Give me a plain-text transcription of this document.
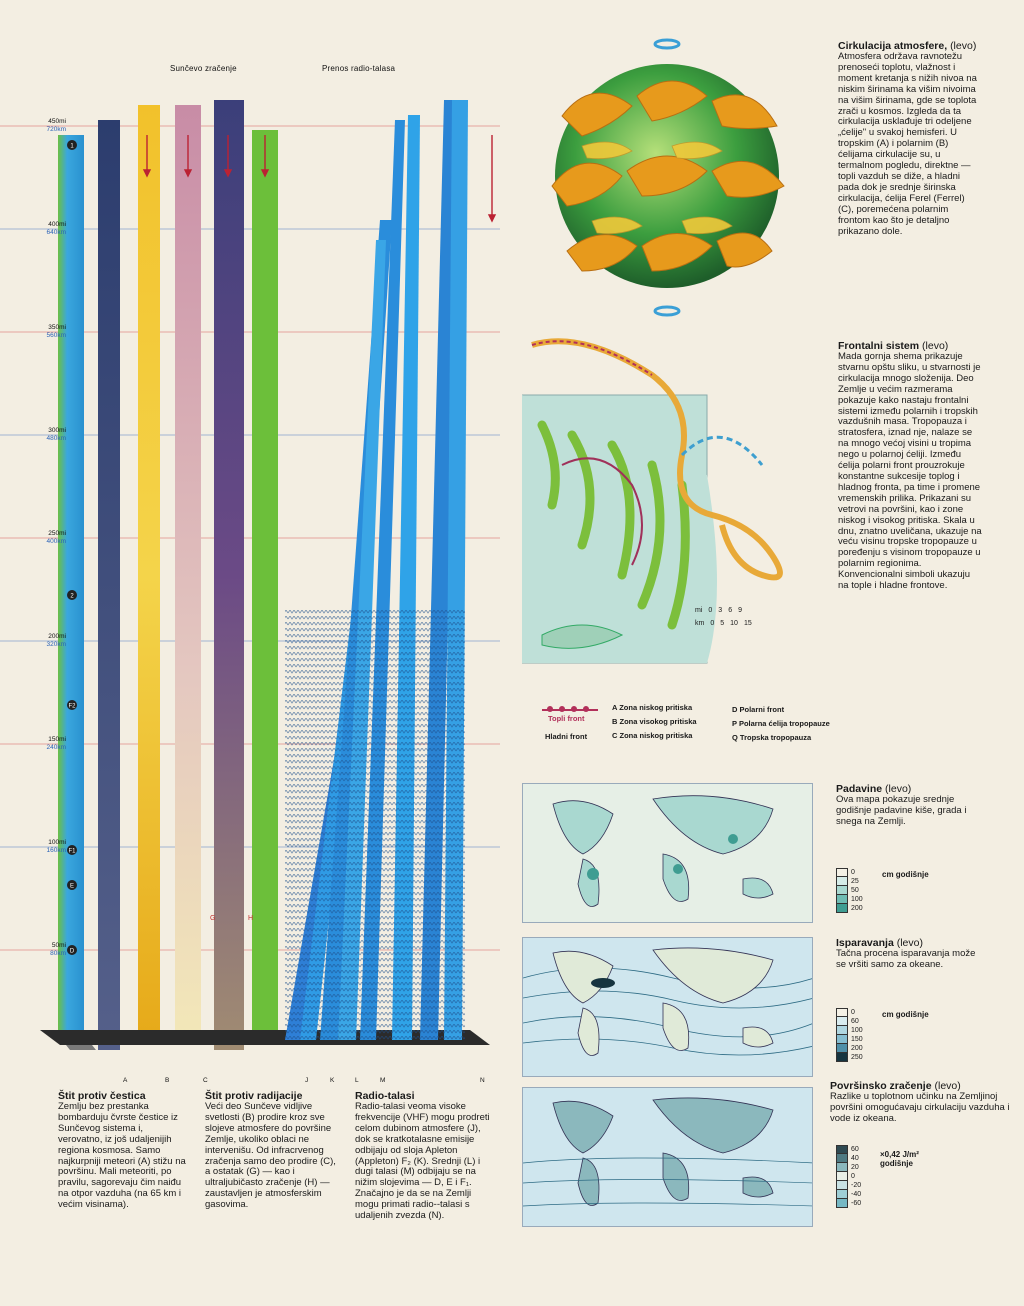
1
2
F2
F1
E
D
G	H
Sunčevo zračenje	Prenos radio-talasa
450mi
720km
400mi
640km
350mi
560km
300mi
480km
250mi
400km
200mi
320km
150mi
240km
100mi
160km
50mi
80km
A	B	C	J	K	L	M	N
Štit protiv čestica
Zemlju bez prestanka bombarduju čvrste čestice iz Sunčevog sistema i, verovatno, iz još udaljenijih regiona kosmosa. Samo najkurpniji meteori (A) stižu na površinu. Mali meteoriti, po pravilu, sagorevaju čim naiđu na otpor vazduha (na 65 km i većim visinama).
Štit protiv radijacije
Veći deo Sunčeve vidljive svetlosti (B) prodire kroz sve slojeve atmosfere do površine Zemlje, ukoliko oblaci ne intervenišu. Od infracrvenog zračenja samo deo prodire (C), a ostatak (G) — kao i ultraljubičasto zračenje (H) — zaustavljen je atmosferskim gasovima.
Radio-talasi
Radio-talasi veoma visoke frekvencije (VHF) mogu prodreti celom dubinom atmosfere (J), dok se kratkotalasne emisije odbijaju od sloja Apleton (Appleton) F₂ (K). Srednji (L) i dugi talasi (M) odbijaju se na nižim slojevima — D, E i F₁. Značajno je da se na Zemlji mogu primati radio--talasi s udaljenih zvezda (N).
Cirkulacija atmosfere, (levo)
Atmosfera održava ravnotežu prenoseći toplotu, vlažnost i moment kretanja s nižih nivoa na niskim širinama ka višim nivoima na višim širinama, gde se toplota zrači u kosmos. Izgleda da ta cirkulacija usklađuje tri odeljene „ćelije" u svakoj hemisferi. U tropskim (A) i polarnim (B) ćelijama cirkulacije su, u termalnom pogledu, direktne — topli vazduh se diže, a hladni pada dok je srednje širinska cirkulacija, ćelija Ferel (Ferrel) (C), poremećena polarnim frontom kao što je detaljno prikazano dole.
mi 0 3 6 9
km 0 5 10 15
Topli front
Hladni front
A Zona niskog pritiska
B Zona visokog pritiska
C Zona niskog pritiska
D Polarni front
P Polarna ćelija tropopauze
Q Tropska tropopauza
Frontalni sistem (levo)
Mada gornja shema prikazuje stvarnu opštu sliku, u stvarnosti je cirkulacija mnogo složenija. Deo Zemlje u većim razmerama pokazuje kako nastaju frontalni sistemi između polarnih i tropskih vazdušnih masa. Tropopauza i stratosfera, iznad nje, nalaze se na mnogo većoj visini u tropima nego u polarnoj ćeliji. Između ćelija polarni front prouzrokuje konstantne sukcesije toplog i hladnog fronta, pa time i promene vremenskih prilika. Prikazani su vetrovi na površini, kao i zone niskog i visokog pritiska. Skala u dnu, znatno uveličana, ukazuje na veću visinu tropske tropopauze u poređenju s visinom tropopauze u polarnim regionima. Konvencionalni simboli ukazuju na tople i hladne frontove.
Padavine (levo)
Ova mapa pokazuje srednje godišnje padavine kiše, grada i snega na Zemlji.
Isparavanja (levo)
Tačna procena isparavanja može se vršiti samo za okeane.
Površinsko zračenje (levo)
Razlike u toplotnom učinku na Zemljinoj površini omogućavaju cirkulaciju vazduha i vode iz okeana.
0
25
50
100
200
cm godišnje
0
60
100
150
200
250
cm godišnje
60
40
20
0
-20
-40
-60
×0,42 J/m² godišnje
